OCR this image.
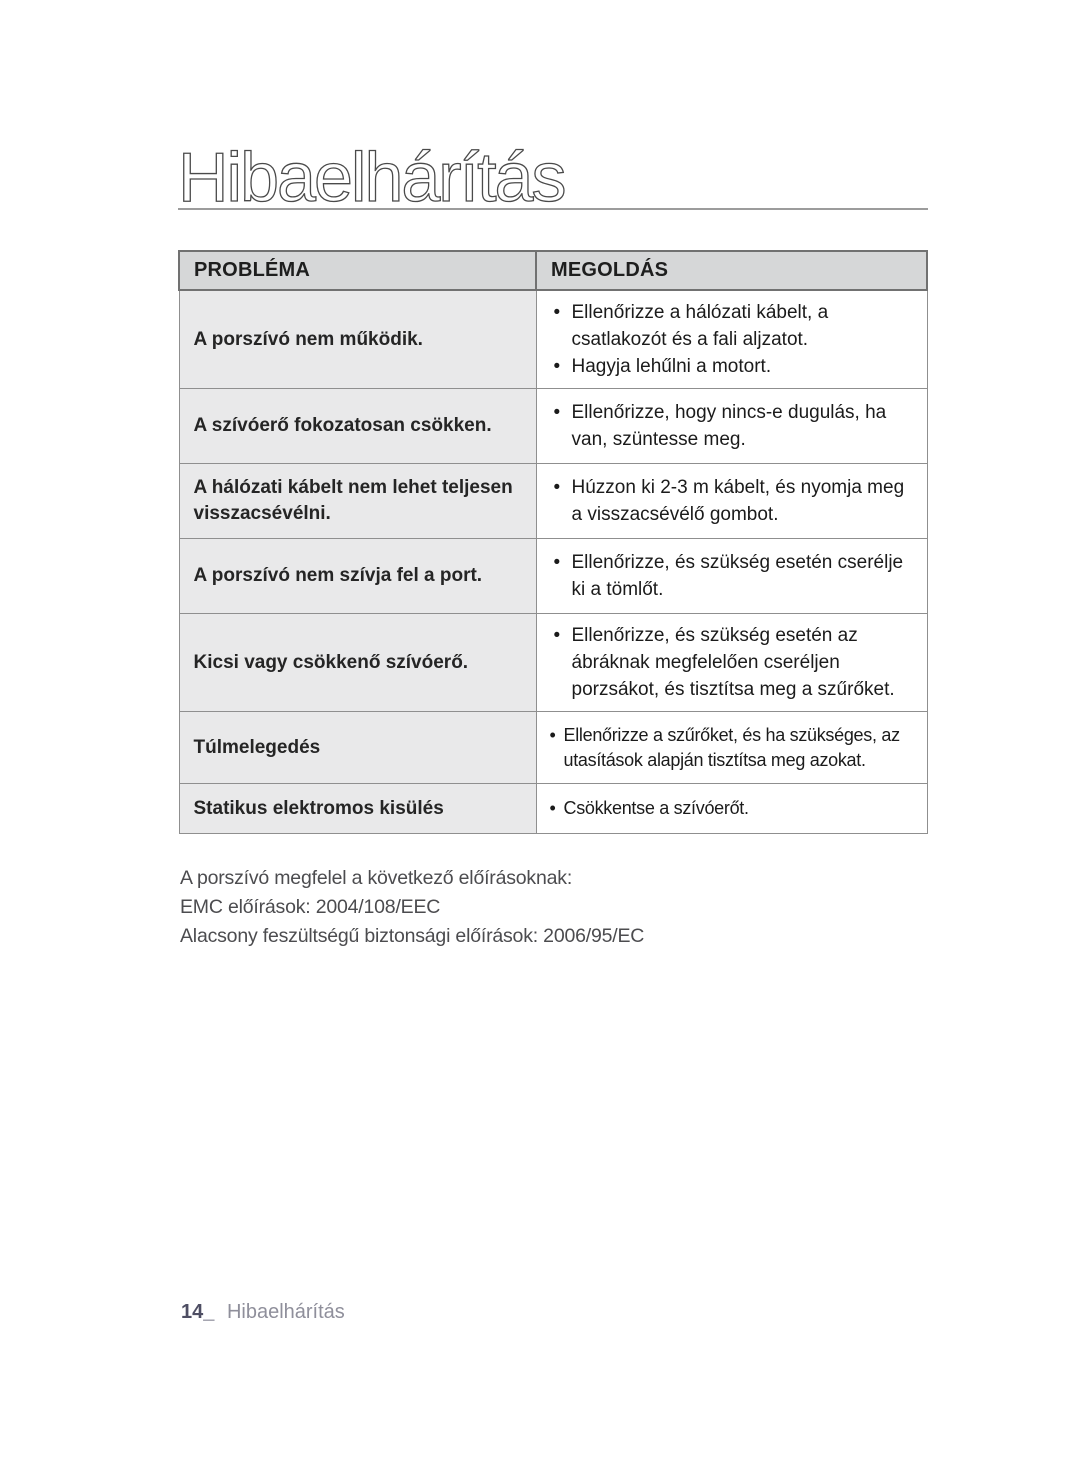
Hibaelhárítás
PROBLÉMA	MEGOLDÁS
A porszívó nem működik.	• Ellenőrizze a hálózati kábelt, a csatlakozót és a fali aljzatot.
• Hagyja lehűlni a motort.

A szívóerő fokozatosan csökken.	• Ellenőrizze, hogy nincs-e dugulás, ha van, szüntesse meg.

A hálózati kábelt nem lehet teljesen visszacsévélni.	• Húzzon ki 2-3 m kábelt, és nyomja meg a visszacsévélő gombot.

A porszívó nem szívja fel a port.	• Ellenőrizze, és szükség esetén cserélje ki a tömlőt.

Kicsi vagy csökkenő szívóerő.	• Ellenőrizze, és szükség esetén az ábráknak megfelelően cseréljen porzsákot, és tisztítsa meg a szűrőket.

Túlmelegedés	• Ellenőrizze a szűrőket, és ha szükséges, az utasítások alapján tisztítsa meg azokat.

Statikus elektromos kisülés	• Csökkentse a szívóerőt.
A porszívó megfelel a következő előírásoknak:
EMC előírások: 2004/108/EEC
Alacsony feszültségű biztonsági előírások: 2006/95/EC
14_ Hibaelhárítás
